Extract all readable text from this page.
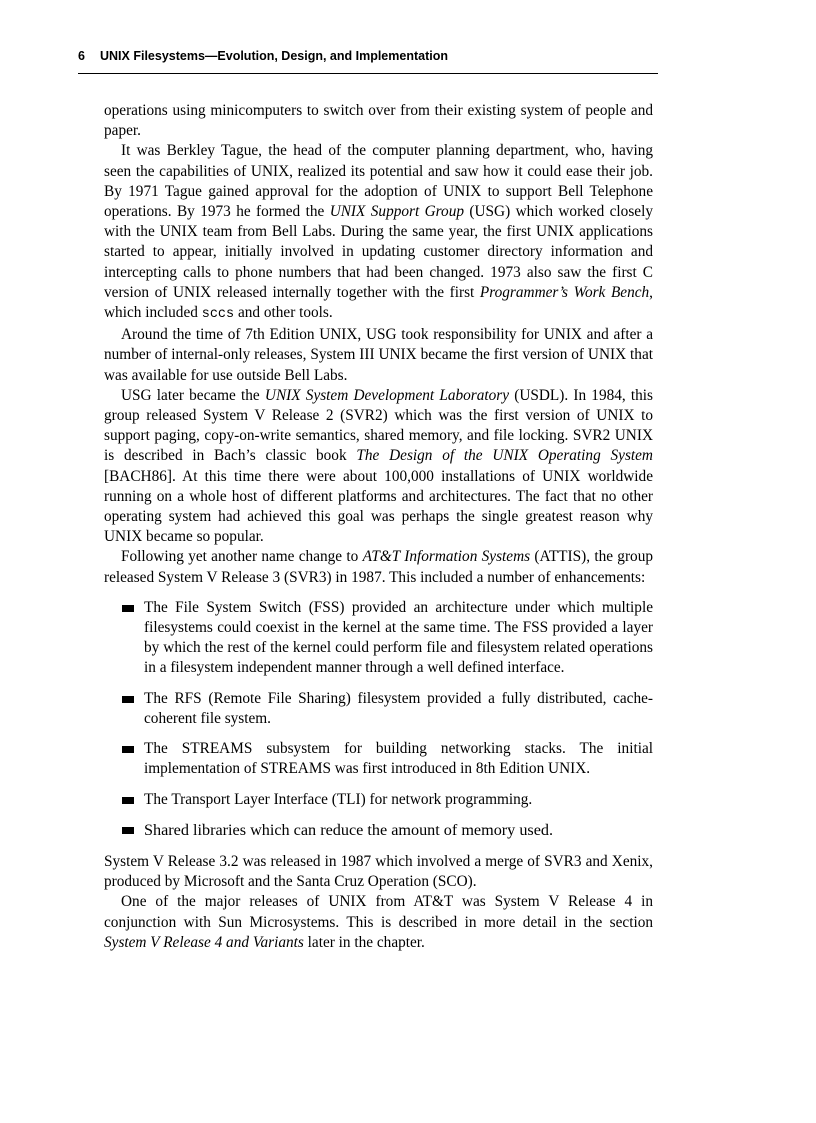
6 UNIX Filesystems—Evolution, Design, and Implementation

operations using minicomputers to switch over from their existing system of people and paper.

It was Berkley Tague, the head of the computer planning department, who, having seen the capabilities of UNIX, realized its potential and saw how it could ease their job. By 1971 Tague gained approval for the adoption of UNIX to support Bell Telephone operations. By 1973 he formed the UNIX Support Group (USG) which worked closely with the UNIX team from Bell Labs. During the same year, the first UNIX applications started to appear, initially involved in updating customer directory information and intercepting calls to phone numbers that had been changed. 1973 also saw the first C version of UNIX released internally together with the first Programmer’s Work Bench, which included sccs and other tools.

Around the time of 7th Edition UNIX, USG took responsibility for UNIX and after a number of internal-only releases, System III UNIX became the first version of UNIX that was available for use outside Bell Labs.

USG later became the UNIX System Development Laboratory (USDL). In 1984, this group released System V Release 2 (SVR2) which was the first version of UNIX to support paging, copy-on-write semantics, shared memory, and file locking. SVR2 UNIX is described in Bach’s classic book The Design of the UNIX Operating System [BACH86]. At this time there were about 100,000 installations of UNIX worldwide running on a whole host of different platforms and architectures. The fact that no other operating system had achieved this goal was perhaps the single greatest reason why UNIX became so popular.

Following yet another name change to AT&T Information Systems (ATTIS), the group released System V Release 3 (SVR3) in 1987. This included a number of enhancements:

The File System Switch (FSS) provided an architecture under which multiple filesystems could coexist in the kernel at the same time. The FSS provided a layer by which the rest of the kernel could perform file and filesystem related operations in a filesystem independent manner through a well defined interface.
The RFS (Remote File Sharing) filesystem provided a fully distributed, cache-coherent file system.
The STREAMS subsystem for building networking stacks. The initial implementation of STREAMS was first introduced in 8th Edition UNIX.
The Transport Layer Interface (TLI) for network programming.
Shared libraries which can reduce the amount of memory used.

System V Release 3.2 was released in 1987 which involved a merge of SVR3 and Xenix, produced by Microsoft and the Santa Cruz Operation (SCO).

One of the major releases of UNIX from AT&T was System V Release 4 in conjunction with Sun Microsystems. This is described in more detail in the section System V Release 4 and Variants later in the chapter.
